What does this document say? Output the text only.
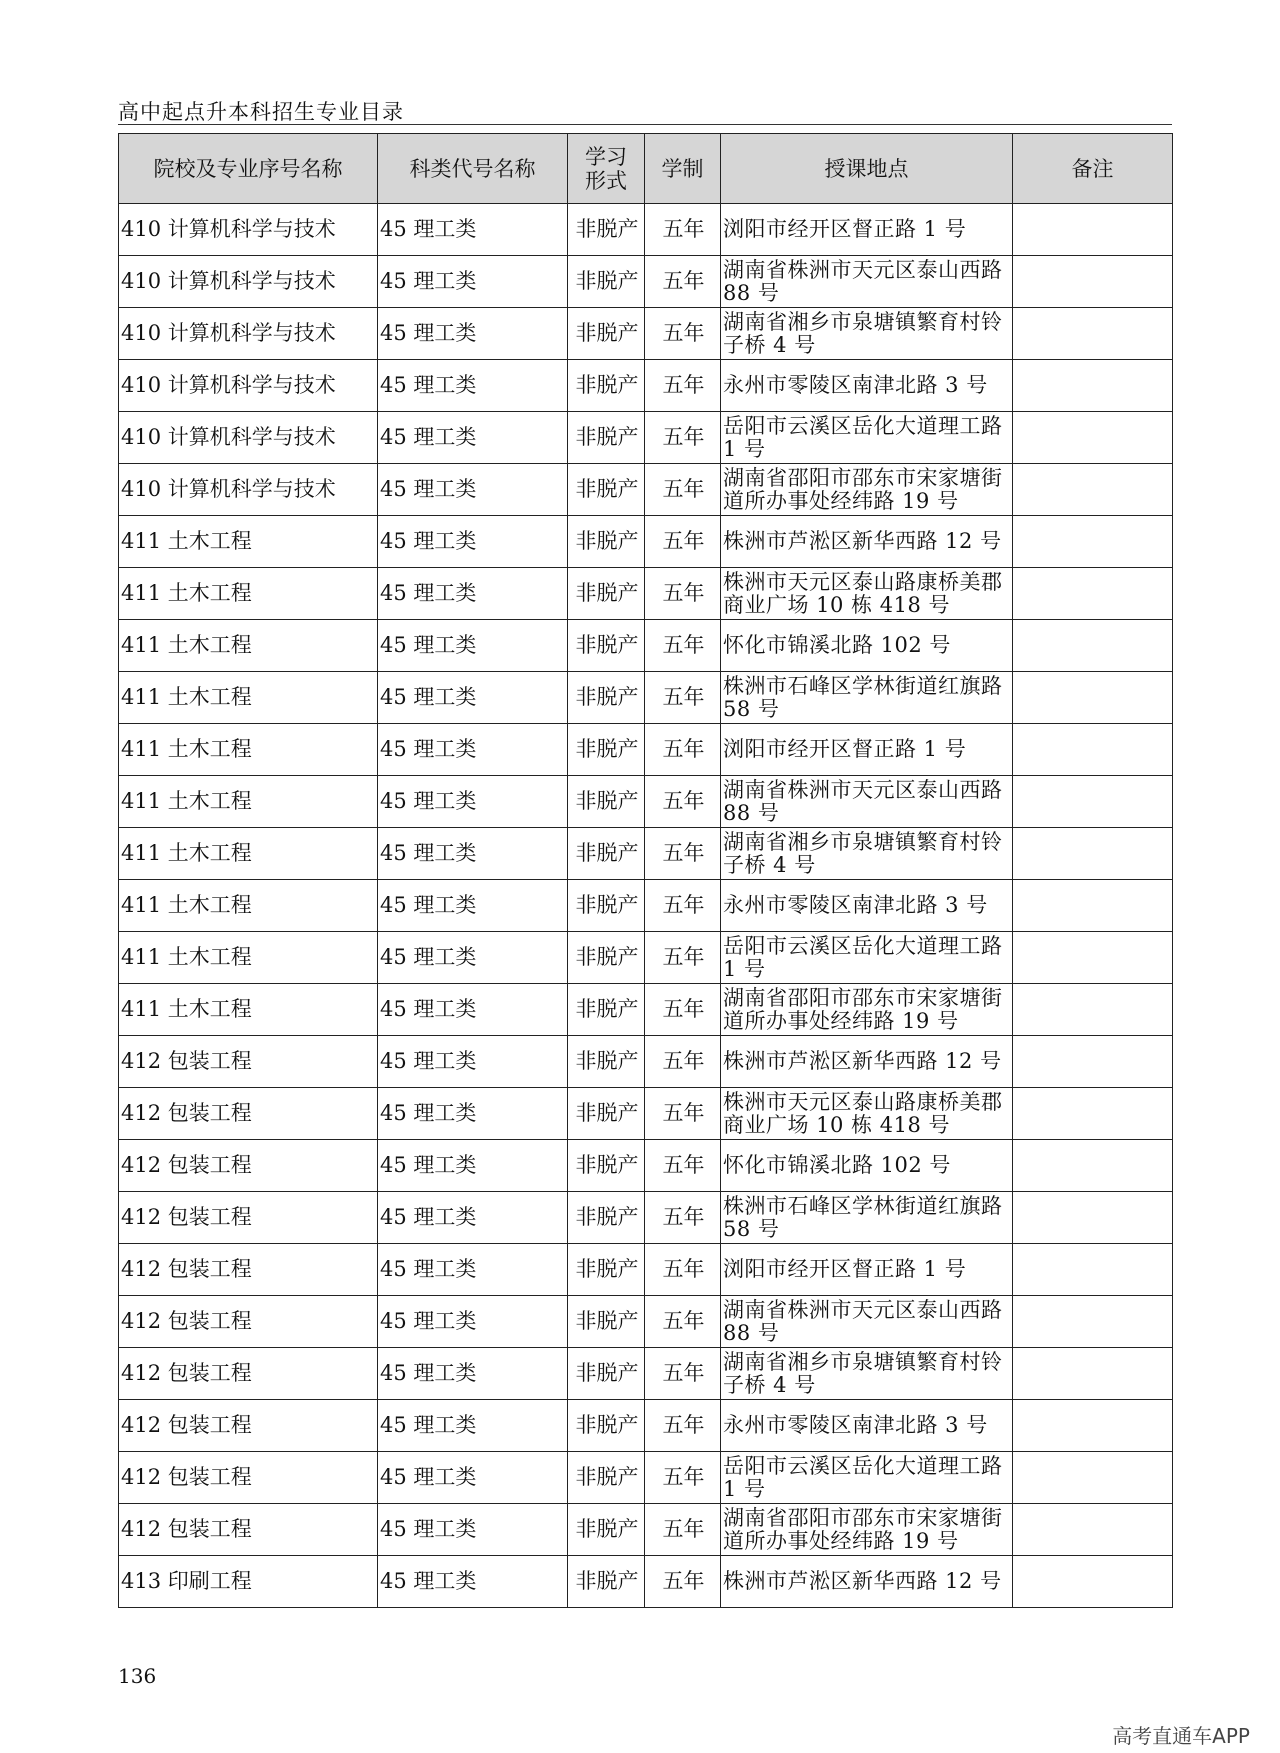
高中起点升本科招生专业目录
院校及专业序号名称	科类代号名称	学习
形式	学制	授课地点	备注
410 计算机科学与技术	45 理工类	非脱产	五年	浏阳市经开区督正路 1 号	
410 计算机科学与技术	45 理工类	非脱产	五年	湖南省株洲市天元区泰山西路 88 号	
410 计算机科学与技术	45 理工类	非脱产	五年	湖南省湘乡市泉塘镇繁育村铃子桥 4 号	
410 计算机科学与技术	45 理工类	非脱产	五年	永州市零陵区南津北路 3 号	
410 计算机科学与技术	45 理工类	非脱产	五年	岳阳市云溪区岳化大道理工路 1 号	
410 计算机科学与技术	45 理工类	非脱产	五年	湖南省邵阳市邵东市宋家塘街道所办事处经纬路 19 号	
411 土木工程	45 理工类	非脱产	五年	株洲市芦淞区新华西路 12 号	
411 土木工程	45 理工类	非脱产	五年	株洲市天元区泰山路康桥美郡商业广场 10 栋 418 号	
411 土木工程	45 理工类	非脱产	五年	怀化市锦溪北路 102 号	
411 土木工程	45 理工类	非脱产	五年	株洲市石峰区学林街道红旗路 58 号	
411 土木工程	45 理工类	非脱产	五年	浏阳市经开区督正路 1 号	
411 土木工程	45 理工类	非脱产	五年	湖南省株洲市天元区泰山西路 88 号	
411 土木工程	45 理工类	非脱产	五年	湖南省湘乡市泉塘镇繁育村铃子桥 4 号	
411 土木工程	45 理工类	非脱产	五年	永州市零陵区南津北路 3 号	
411 土木工程	45 理工类	非脱产	五年	岳阳市云溪区岳化大道理工路 1 号	
411 土木工程	45 理工类	非脱产	五年	湖南省邵阳市邵东市宋家塘街道所办事处经纬路 19 号	
412 包装工程	45 理工类	非脱产	五年	株洲市芦淞区新华西路 12 号	
412 包装工程	45 理工类	非脱产	五年	株洲市天元区泰山路康桥美郡商业广场 10 栋 418 号	
412 包装工程	45 理工类	非脱产	五年	怀化市锦溪北路 102 号	
412 包装工程	45 理工类	非脱产	五年	株洲市石峰区学林街道红旗路 58 号	
412 包装工程	45 理工类	非脱产	五年	浏阳市经开区督正路 1 号	
412 包装工程	45 理工类	非脱产	五年	湖南省株洲市天元区泰山西路 88 号	
412 包装工程	45 理工类	非脱产	五年	湖南省湘乡市泉塘镇繁育村铃子桥 4 号	
412 包装工程	45 理工类	非脱产	五年	永州市零陵区南津北路 3 号	
412 包装工程	45 理工类	非脱产	五年	岳阳市云溪区岳化大道理工路 1 号	
412 包装工程	45 理工类	非脱产	五年	湖南省邵阳市邵东市宋家塘街道所办事处经纬路 19 号	
413 印刷工程	45 理工类	非脱产	五年	株洲市芦淞区新华西路 12 号	
136
高考直通车APP
